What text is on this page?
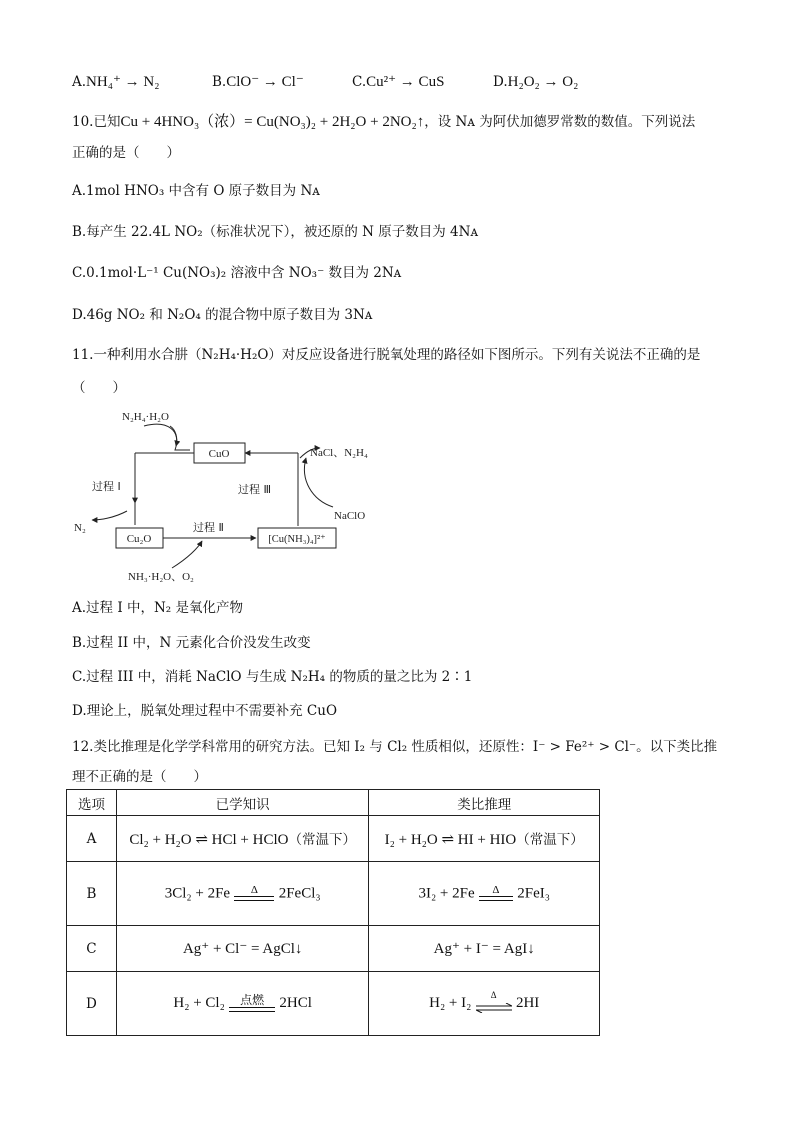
A.NH₄⁺ → N₂	B.ClO⁻ → Cl⁻	C.Cu²⁺ → CuS	D.H₂O₂ → O₂
10.已知Cu + 4HNO₃（浓）= Cu(NO₃)₂ + 2H₂O + 2NO₂↑，设 Nᴀ 为阿伏加德罗常数的数值。下列说法
正确的是（　　）
A.1mol HNO₃ 中含有 O 原子数目为 Nᴀ
B.每产生 22.4L NO₂（标准状况下），被还原的 N 原子数目为 4Nᴀ
C.0.1mol·L⁻¹ Cu(NO₃)₂ 溶液中含 NO₃⁻ 数目为 2Nᴀ
D.46g NO₂ 和 N₂O₄ 的混合物中原子数目为 3Nᴀ
11.一种利用水合肼（N₂H₄·H₂O）对反应设备进行脱氧处理的路径如下图所示。下列有关说法不正确的是
（　　）
N₂H₄·H₂O
CuO
Cu₂O	[Cu(NH₃)₄]²⁺
NaCl、N₂H₄
NaClO
N₂
NH₃·H₂O、O₂
过程 Ⅰ
过程 Ⅱ
过程 Ⅲ
A.过程 I 中，N₂ 是氧化产物
B.过程 II 中，N 元素化合价没发生改变
C.过程 III 中，消耗 NaClO 与生成 N₂H₄ 的物质的量之比为 2∶1
D.理论上，脱氧处理过程中不需要补充 CuO
12.类比推理是化学学科常用的研究方法。已知 I₂ 与 Cl₂ 性质相似，还原性：I⁻ > Fe²⁺ > Cl⁻。以下类比推
理不正确的是（　　）
选项	已学知识	类比推理
A	Cl₂ + H₂O ⇌ HCl + HClO（常温下）	I₂ + H₂O ⇌ HI + HIO（常温下）
B	3Cl₂ + 2Fe Δ 2FeCl₃	3I₂ + 2Fe Δ 2FeI₃
C	Ag⁺ + Cl⁻ = AgCl↓	Ag⁺ + I⁻ = AgI↓
D	H₂ + Cl₂ 点燃 2HCl	H₂ + I₂ Δ 2HI
